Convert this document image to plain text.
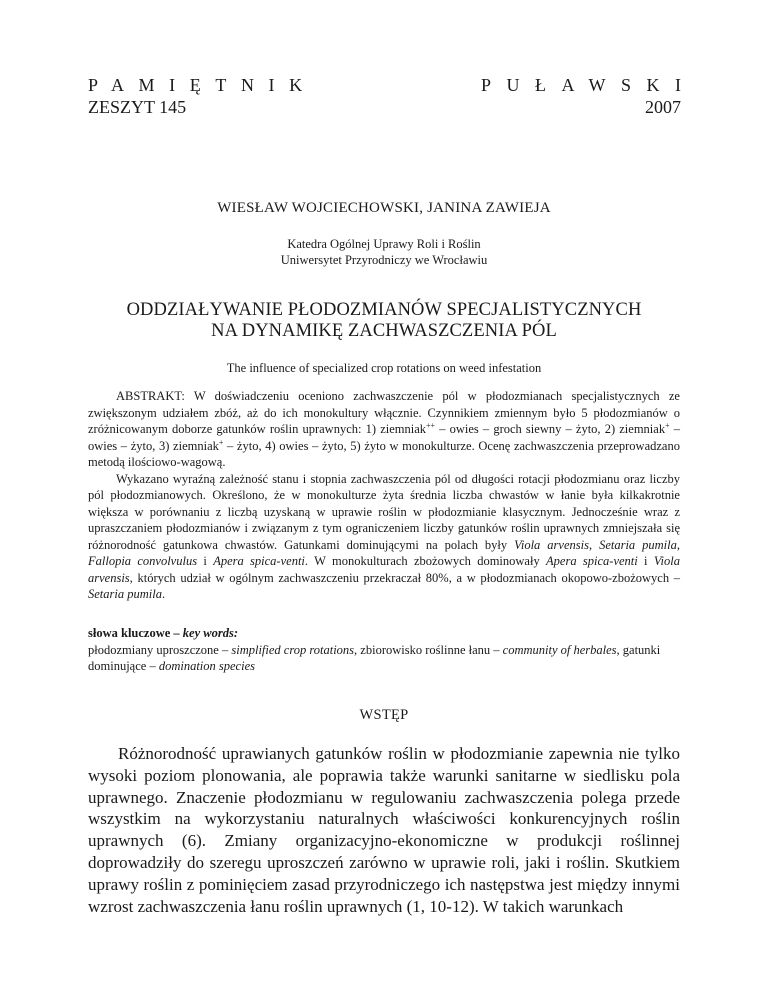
PAMIĘTNIK
ZESZYT 145
PUŁAWSKI
2007
WIESŁAW WOJCIECHOWSKI, JANINA ZAWIEJA
Katedra Ogólnej Uprawy Roli i Roślin
Uniwersytet Przyrodniczy we Wrocławiu
ODDZIAŁYWANIE PŁODOZMIANÓW SPECJALISTYCZNYCH
NA DYNAMIKĘ ZACHWASZCZENIA PÓL
The influence of specialized crop rotations on weed infestation

ABSTRAKT: W doświadczeniu oceniono zachwaszczenie pól w płodozmianach specjalistycznych ze zwiększonym udziałem zbóż, aż do ich monokultury włącznie. Czynnikiem zmiennym było 5 płodozmianów o zróżnicowanym doborze gatunków roślin uprawnych: 1) ziemniak++ – owies – groch siewny – żyto, 2) ziemniak+ – owies – żyto, 3) ziemniak+ – żyto, 4) owies – żyto, 5) żyto w monokulturze. Ocenę zachwaszczenia przeprowadzano metodą ilościowo-wagową.

Wykazano wyraźną zależność stanu i stopnia zachwaszczenia pól od długości rotacji płodozmianu oraz liczby pól płodozmianowych. Określono, że w monokulturze żyta średnia liczba chwastów w łanie była kilkakrotnie większa w porównaniu z liczbą uzyskaną w uprawie roślin w płodozmianie klasycznym. Jednocześnie wraz z upraszczaniem płodozmianów i związanym z tym ograniczeniem liczby gatunków roślin uprawnych zmniejszała się różnorodność gatunkowa chwastów. Gatunkami dominującymi na polach były Viola arvensis, Setaria pumila, Fallopia convolvulus i Apera spica-venti. W monokulturach zbożowych dominowały Apera spica-venti i Viola arvensis, których udział w ogólnym zachwaszczeniu przekraczał 80%, a w płodozmianach okopowo-zbożowych – Setaria pumila.

słowa kluczowe – key words:

płodozmiany uproszczone – simplified crop rotations, zbiorowisko roślinne łanu – community of herbales, gatunki dominujące – domination species

WSTĘP

Różnorodność uprawianych gatunków roślin w płodozmianie zapewnia nie tylko wysoki poziom plonowania, ale poprawia także warunki sanitarne w siedlisku pola uprawnego. Znaczenie płodozmianu w regulowaniu zachwaszczenia polega przede wszystkim na wykorzystaniu naturalnych właściwości konkurencyjnych roślin uprawnych (6). Zmiany organizacyjno-ekonomiczne w produkcji roślinnej doprowadziły do szeregu uproszczeń zarówno w uprawie roli, jaki i roślin. Skutkiem uprawy roślin z pominięciem zasad przyrodniczego ich następstwa jest między innymi wzrost zachwaszczenia łanu roślin uprawnych (1, 10-12). W takich warunkach
